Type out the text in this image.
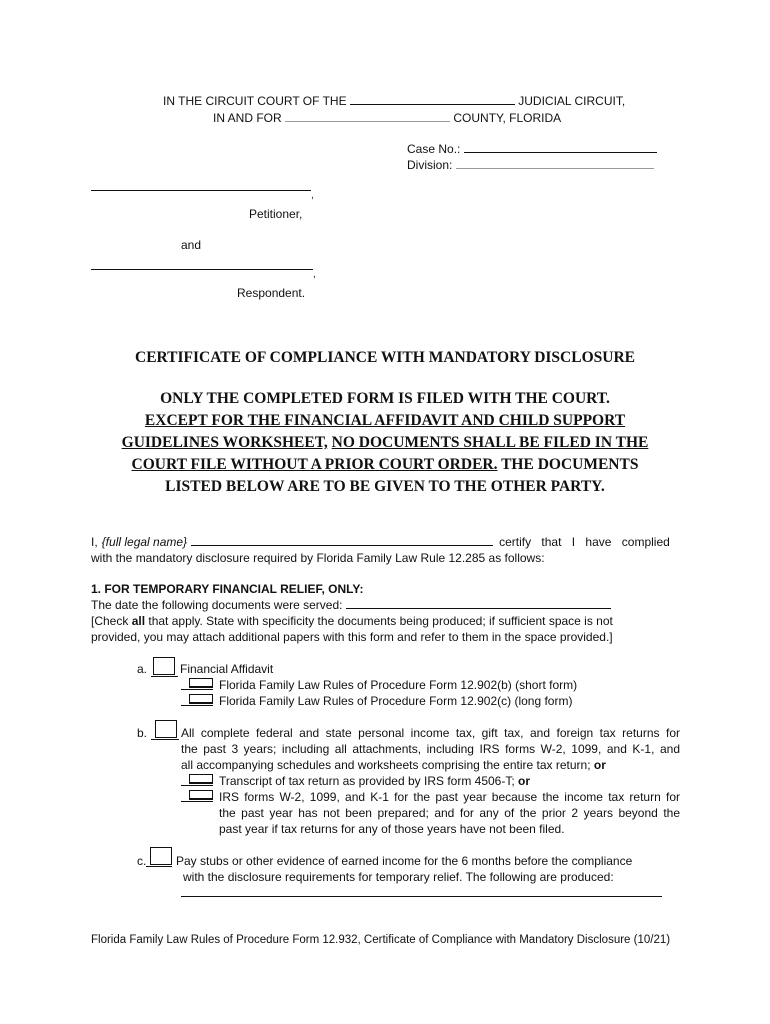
IN THE CIRCUIT COURT OF THE	JUDICIAL CIRCUIT,
IN AND FOR	COUNTY, FLORIDA
Case No.:
Division:
,
Petitioner,
and
,
Respondent.
CERTIFICATE OF COMPLIANCE WITH MANDATORY DISCLOSURE
ONLY THE COMPLETED FORM IS FILED WITH THE COURT.
EXCEPT FOR THE FINANCIAL AFFIDAVIT AND CHILD SUPPORT
GUIDELINES WORKSHEET, NO DOCUMENTS SHALL BE FILED IN THE
COURT FILE WITHOUT A PRIOR COURT ORDER. THE DOCUMENTS
LISTED BELOW ARE TO BE GIVEN TO THE OTHER PARTY.
I, {full legal name}	certify that I have complied
with the mandatory disclosure required by Florida Family Law Rule 12.285 as follows:
1. FOR TEMPORARY FINANCIAL RELIEF, ONLY:
The date the following documents were served:
[Check all that apply. State with specificity the documents being produced; if sufficient space is not
provided, you may attach additional papers with this form and refer to them in the space provided.]
a.	Financial Affidavit
Florida Family Law Rules of Procedure Form 12.902(b) (short form)
Florida Family Law Rules of Procedure Form 12.902(c) (long form)
b.	All complete federal and state personal income tax, gift tax, and foreign tax returns for
the past 3 years; including all attachments, including IRS forms W-2, 1099, and K-1, and
all accompanying schedules and worksheets comprising the entire tax return; or
Transcript of tax return as provided by IRS form 4506-T; or
IRS forms W-2, 1099, and K-1 for the past year because the income tax return for
the past year has not been prepared; and for any of the prior 2 years beyond the
past year if tax returns for any of those years have not been filed.
c. Pay stubs or other evidence of earned income for the 6 months before the compliance
with the disclosure requirements for temporary relief. The following are produced:
Florida Family Law Rules of Procedure Form 12.932, Certificate of Compliance with Mandatory Disclosure (10/21)
